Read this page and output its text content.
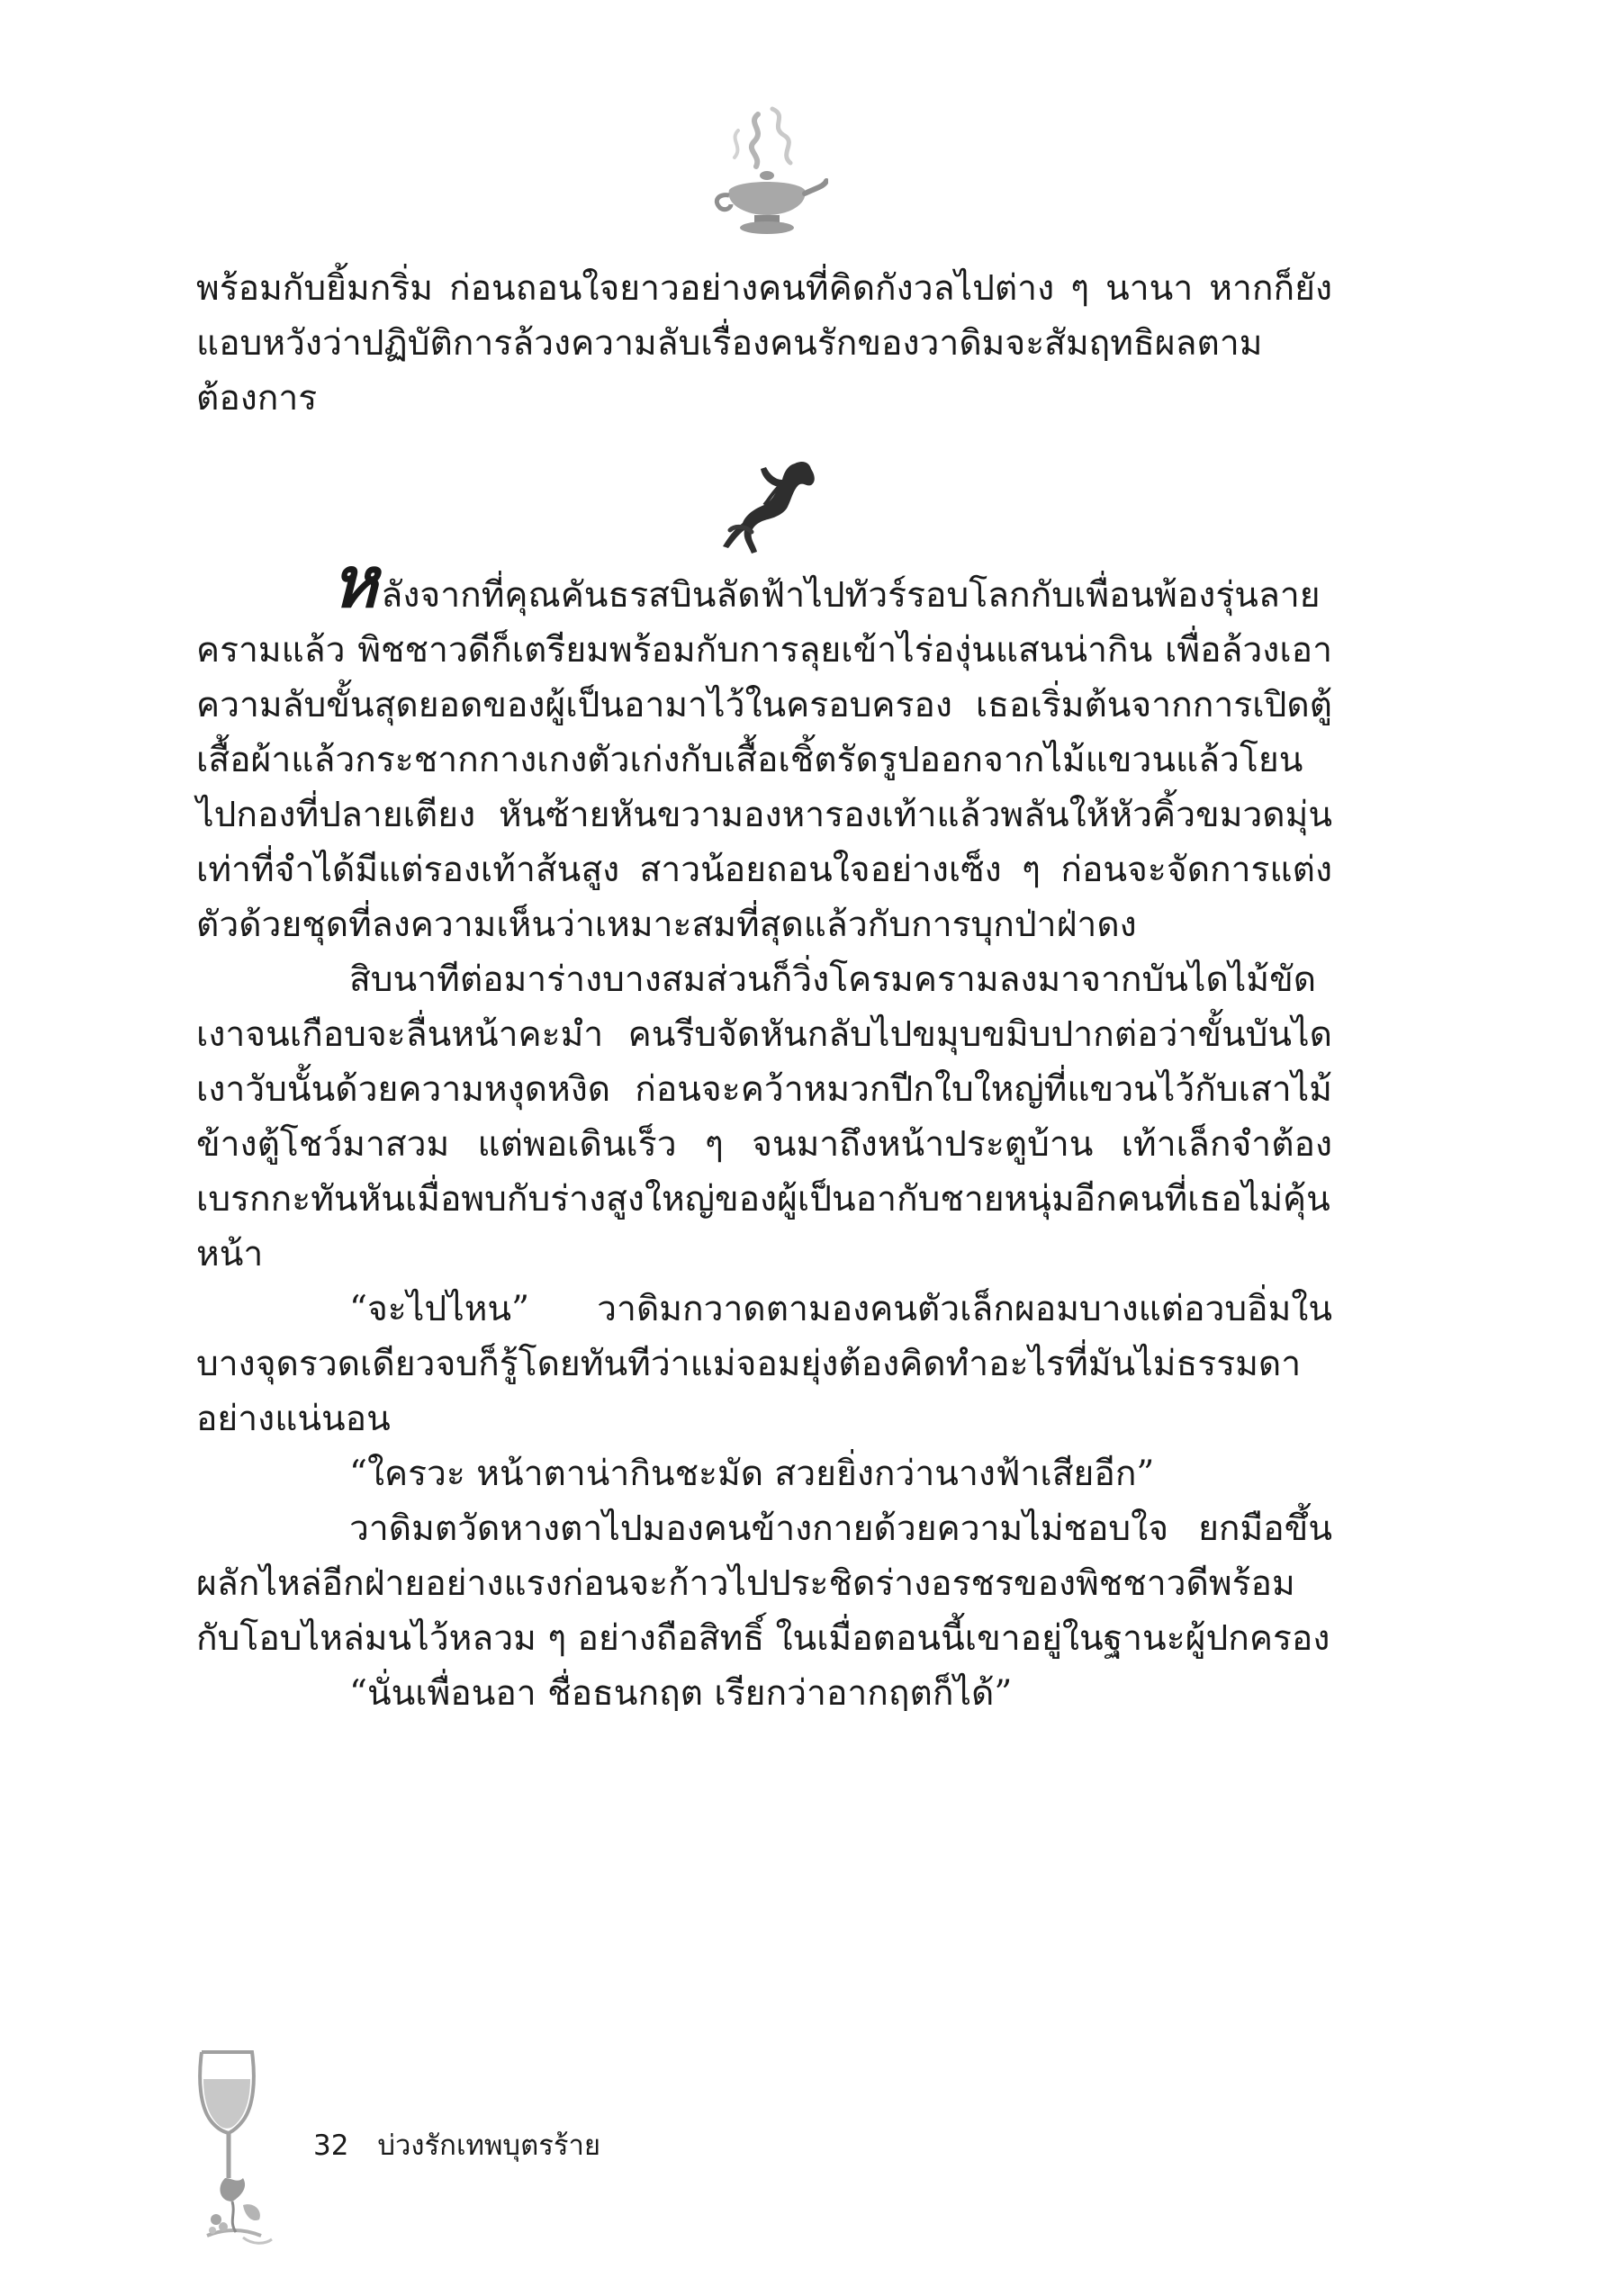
พร้อมกับยิ้มกริ่ม ก่อนถอนใจยาวอย่างคนที่คิดกังวลไปต่าง ๆ นานา หากก็ยังแอบหวังว่าปฏิบัติการล้วงความลับเรื่องคนรักของวาดิมจะสัมฤทธิผลตามต้องการ

หลังจากที่คุณคันธรสบินลัดฟ้าไปทัวร์รอบโลกกับเพื่อนพ้องรุ่นลายครามแล้ว พิชชาวดีก็เตรียมพร้อมกับการลุยเข้าไร่องุ่นแสนน่ากิน เพื่อล้วงเอาความลับขั้นสุดยอดของผู้เป็นอามาไว้ในครอบครอง เธอเริ่มต้นจากการเปิดตู้เสื้อผ้าแล้วกระชากกางเกงตัวเก่งกับเสื้อเชิ้ตรัดรูปออกจากไม้แขวนแล้วโยนไปกองที่ปลายเตียง หันซ้ายหันขวามองหารองเท้าแล้วพลันให้หัวคิ้วขมวดมุ่น เท่าที่จำได้มีแต่รองเท้าส้นสูง สาวน้อยถอนใจอย่างเซ็ง ๆ ก่อนจะจัดการแต่งตัวด้วยชุดที่ลงความเห็นว่าเหมาะสมที่สุดแล้วกับการบุกป่าฝ่าดง

สิบนาทีต่อมาร่างบางสมส่วนก็วิ่งโครมครามลงมาจากบันไดไม้ขัดเงาจนเกือบจะลื่นหน้าคะมำ คนรีบจัดหันกลับไปขมุบขมิบปากต่อว่าขั้นบันไดเงาวับนั้นด้วยความหงุดหงิด ก่อนจะคว้าหมวกปีกใบใหญ่ที่แขวนไว้กับเสาไม้ข้างตู้โชว์มาสวม แต่พอเดินเร็ว ๆ จนมาถึงหน้าประตูบ้าน เท้าเล็กจำต้องเบรกกะทันหันเมื่อพบกับร่างสูงใหญ่ของผู้เป็นอากับชายหนุ่มอีกคนที่เธอไม่คุ้นหน้า

“จะไปไหน” วาดิมกวาดตามองคนตัวเล็กผอมบางแต่อวบอิ่มในบางจุดรวดเดียวจบก็รู้โดยทันทีว่าแม่จอมยุ่งต้องคิดทำอะไรที่มันไม่ธรรมดาอย่างแน่นอน

“ใครวะ หน้าตาน่ากินชะมัด สวยยิ่งกว่านางฟ้าเสียอีก”

วาดิมตวัดหางตาไปมองคนข้างกายด้วยความไม่ชอบใจ ยกมือขึ้นผลักไหล่อีกฝ่ายอย่างแรงก่อนจะก้าวไปประชิดร่างอรชรของพิชชาวดีพร้อมกับโอบไหล่มนไว้หลวม ๆ อย่างถือสิทธิ์ ในเมื่อตอนนี้เขาอยู่ในฐานะผู้ปกครอง

“นั่นเพื่อนอา ชื่อธนกฤต เรียกว่าอากฤตก็ได้”

32 บ่วงรักเทพบุตรร้าย
